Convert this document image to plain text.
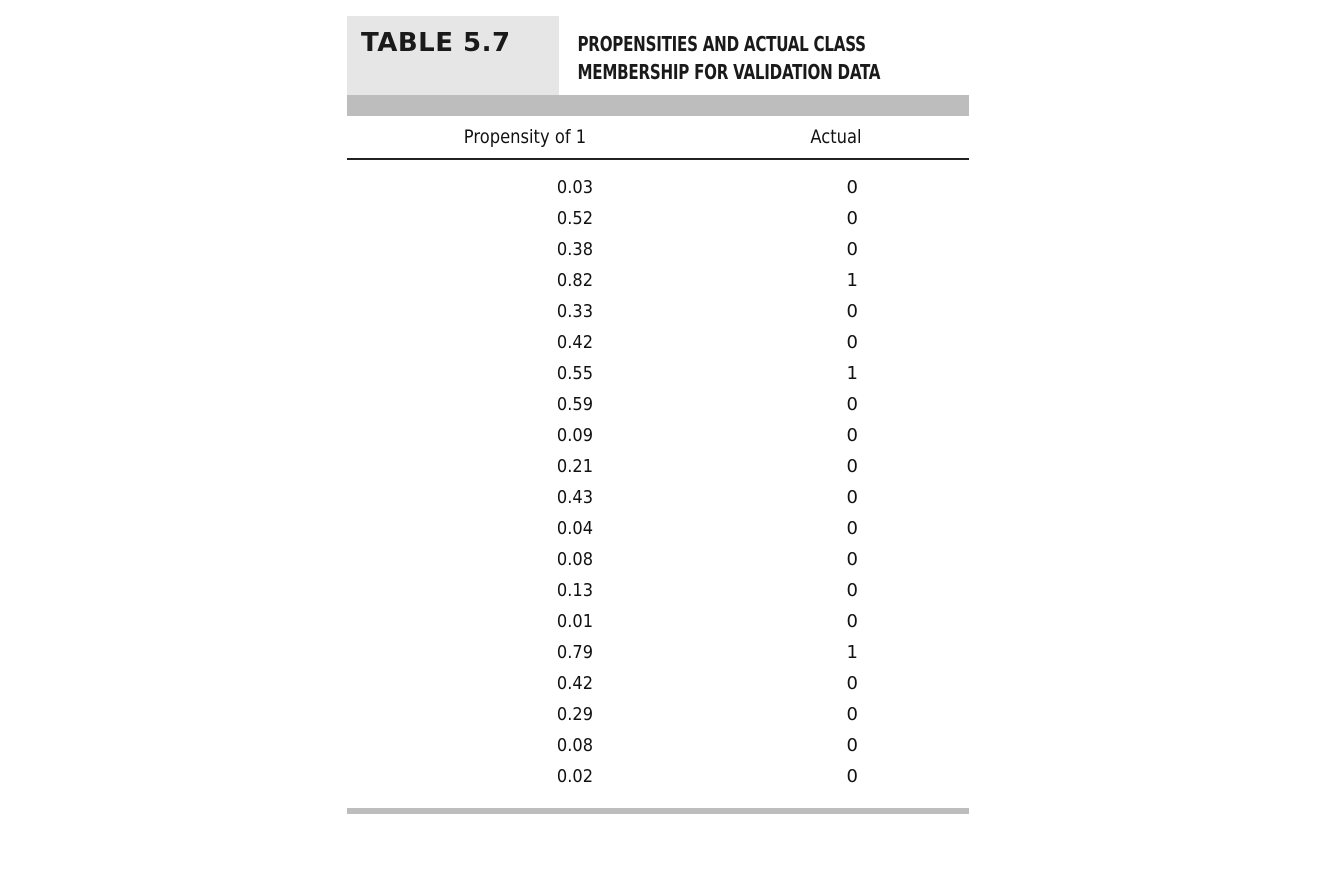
TABLE 5.7	PROPENSITIES AND ACTUAL CLASS
MEMBERSHIP FOR VALIDATION DATA
Propensity of 1	Actual
0.03	0
0.52	0
0.38	0
0.82	1
0.33	0
0.42	0
0.55	1
0.59	0
0.09	0
0.21	0
0.43	0
0.04	0
0.08	0
0.13	0
0.01	0
0.79	1
0.42	0
0.29	0
0.08	0
0.02	0
